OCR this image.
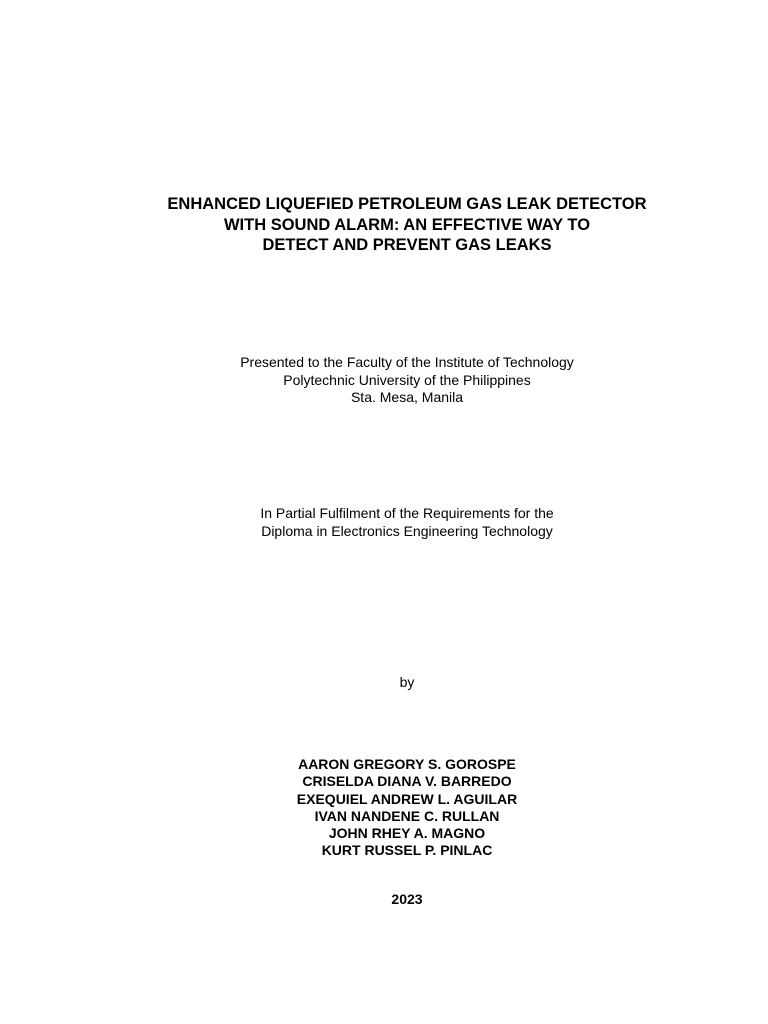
ENHANCED LIQUEFIED PETROLEUM GAS LEAK DETECTOR
WITH SOUND ALARM: AN EFFECTIVE WAY TO
DETECT AND PREVENT GAS LEAKS
Presented to the Faculty of the Institute of Technology
Polytechnic University of the Philippines
Sta. Mesa, Manila
In Partial Fulfilment of the Requirements for the
Diploma in Electronics Engineering Technology
by
AARON GREGORY S. GOROSPE
CRISELDA DIANA V. BARREDO
EXEQUIEL ANDREW L. AGUILAR
IVAN NANDENE C. RULLAN
JOHN RHEY A. MAGNO
KURT RUSSEL P. PINLAC
2023
